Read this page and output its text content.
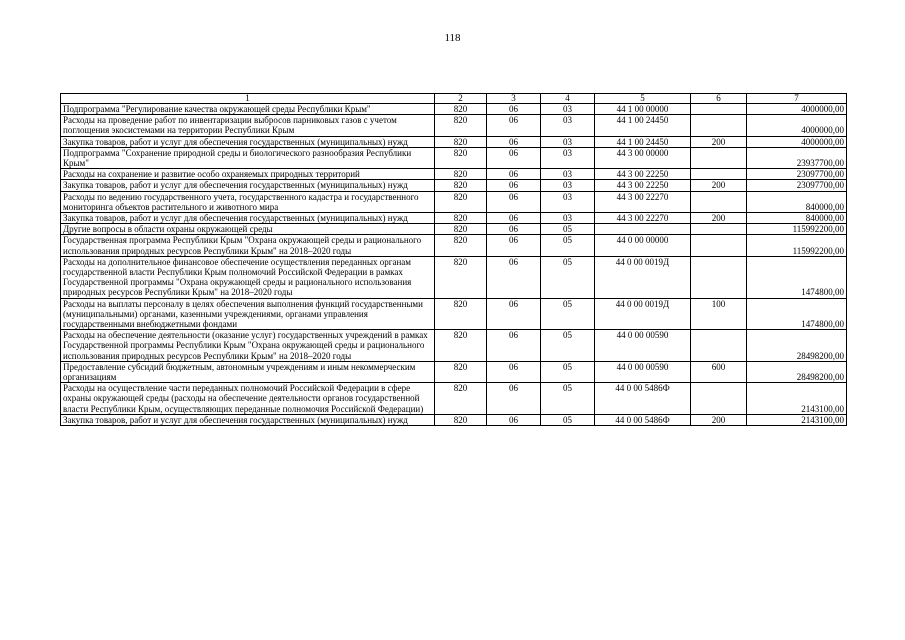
118
1	2	3	4	5	6	7
Подпрограмма "Регулирование качества окружающей среды Республики Крым"	820	06	03	44 1 00 00000		4000000,00
Расходы на проведение работ по инвентаризации выбросов парниковых газов с учетом поглощения экосистемами на территории Республики Крым	820	06	03	44 1 00 24450		4000000,00
Закупка товаров, работ и услуг для обеспечения государственных (муниципальных) нужд	820	06	03	44 1 00 24450	200	4000000,00
Подпрограмма "Сохранение природной среды и биологического разнообразия Республики Крым"	820	06	03	44 3 00 00000		23937700,00
Расходы на сохранение и развитие особо охраняемых природных территорий	820	06	03	44 3 00 22250		23097700,00
Закупка товаров, работ и услуг для обеспечения государственных (муниципальных) нужд	820	06	03	44 3 00 22250	200	23097700,00
Расходы по ведению государственного учета, государственного кадастра и государственного мониторинга объектов растительного и животного мира	820	06	03	44 3 00 22270		840000,00
Закупка товаров, работ и услуг для обеспечения государственных (муниципальных) нужд	820	06	03	44 3 00 22270	200	840000,00
Другие вопросы в области охраны окружающей среды	820	06	05			115992200,00
Государственная программа Республики Крым "Охрана окружающей среды и рационального использования природных ресурсов Республики Крым" на 2018–2020 годы	820	06	05	44 0 00 00000		115992200,00
Расходы на дополнительное финансовое обеспечение осуществления переданных органам государственной власти Республики Крым полномочий Российской Федерации в рамках Государственной программы "Охрана окружающей среды и рационального использования природных ресурсов Республики Крым" на 2018–2020 годы	820	06	05	44 0 00 0019Д		1474800,00
Расходы на выплаты персоналу в целях обеспечения выполнения функций государственными (муниципальными) органами, казенными учреждениями, органами управления государственными внебюджетными фондами	820	06	05	44 0 00 0019Д	100	1474800,00
Расходы на обеспечение деятельности (оказание услуг) государственных учреждений в рамках Государственной программы Республики Крым "Охрана окружающей среды и рационального использования природных ресурсов Республики Крым" на 2018–2020 годы	820	06	05	44 0 00 00590		28498200,00
Предоставление субсидий бюджетным, автономным учреждениям и иным некоммерческим организациям	820	06	05	44 0 00 00590	600	28498200,00
Расходы на осуществление части переданных полномочий Российской Федерации в сфере охраны окружающей среды (расходы на обеспечение деятельности органов государственной власти Республики Крым, осуществляющих переданные полномочия Российской Федерации)	820	06	05	44 0 00 5486Ф		2143100,00
Закупка товаров, работ и услуг для обеспечения государственных (муниципальных) нужд	820	06	05	44 0 00 5486Ф	200	2143100,00
